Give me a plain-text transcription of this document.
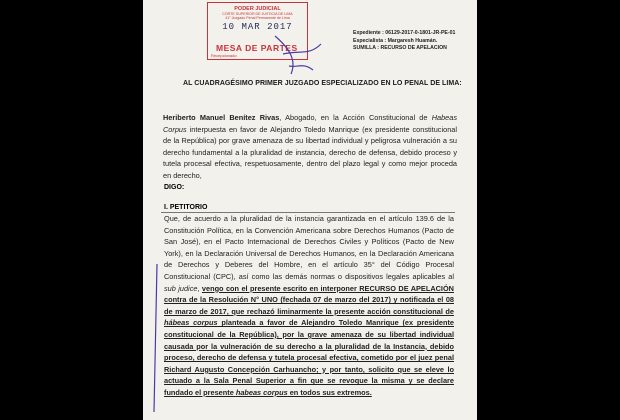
PODER JUDICIAL
CORTE SUPERIOR DE JUSTICIA DE LIMA
41° Juzgado Penal Permanente de Lima
10 MAR 2017
MESA DE PARTES
Recepcionado
Expediente : 06129-2017-0-1801-JR-PE-01
Especialista : Margaresh Huamán.
SUMILLA : RECURSO DE APELACION
AL CUADRAGÉSIMO PRIMER JUZGADO ESPECIALIZADO EN LO PENAL DE LIMA:
Heriberto Manuel Benítez Rivas, Abogado, en la Acción Constitucional de Habeas Corpus interpuesta en favor de Alejandro Toledo Manrique (ex presidente constitucional de la República) por grave amenaza de su libertad individual y peligrosa vulneración a su derecho fundamental a la pluralidad de instancia, derecho de defensa, debido proceso y tutela procesal efectiva, respetuosamente, dentro del plazo legal y como mejor proceda en derecho,
DIGO:
I. PETITORIO
Que, de acuerdo a la pluralidad de la instancia garantizada en el artículo 139.6 de la Constitución Política, en la Convención Americana sobre Derechos Humanos (Pacto de San José), en el Pacto Internacional de Derechos Civiles y Políticos (Pacto de New York), en la Declaración Universal de Derechos Humanos, en la Declaración Americana de Derechos y Deberes del Hombre, en el artículo 35° del Código Procesal Constitucional (CPC), así como las demás normas o dispositivos legales aplicables al sub judice, vengo con el presente escrito en interponer RECURSO DE APELACIÓN contra de la Resolución N° UNO (fechada 07 de marzo del 2017) y notificada el 08 de marzo de 2017, que rechazó liminarmente la presente acción constitucional de hábeas corpus planteada a favor de Alejandro Toledo Manrique (ex presidente constitucional de la República), por la grave amenaza de su libertad individual causada por la vulneración de su derecho a la pluralidad de la Instancia, debido proceso, derecho de defensa y tutela procesal efectiva, cometido por el juez penal Richard Augusto Concepción Carhuancho; y por tanto, solicito que se eleve lo actuado a la Sala Penal Superior a fin que se revoque la misma y se declare fundado el presente habeas corpus en todos sus extremos.
